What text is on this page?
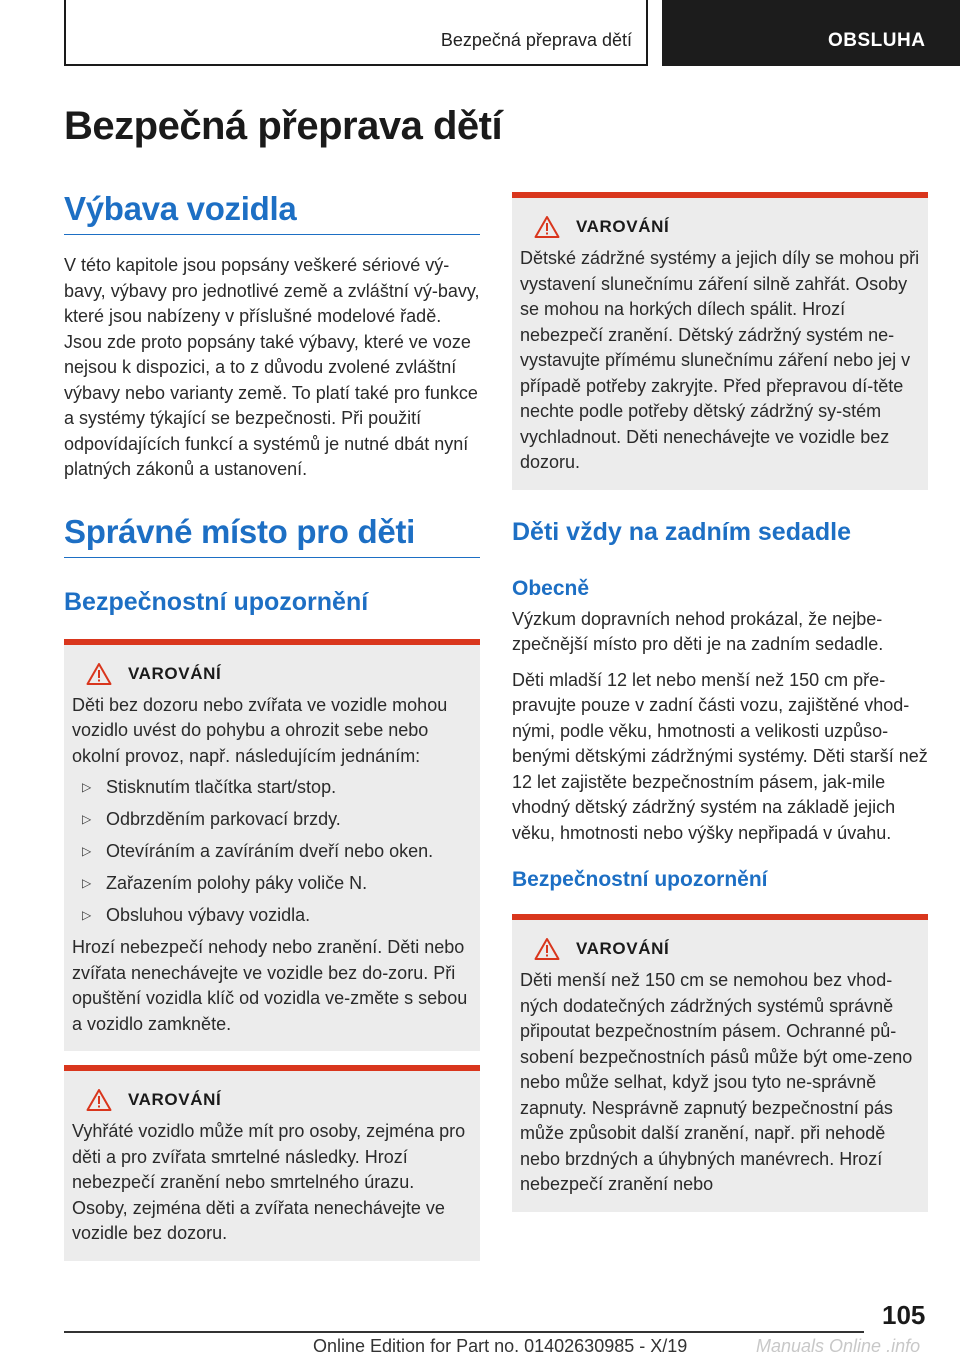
Bezpečná přeprava dětí	OBSLUHA
Bezpečná přeprava dětí
Výbava vozidla

V této kapitole jsou popsány veškeré sériové vý-bavy, výbavy pro jednotlivé země a zvláštní vý-bavy, které jsou nabízeny v příslušné modelové řadě. Jsou zde proto popsány také výbavy, které ve voze nejsou k dispozici, a to z důvodu zvolené zvláštní výbavy nebo varianty země. To platí také pro funkce a systémy týkající se bezpečnosti. Při použití odpovídajících funkcí a systémů je nutné dbát nyní platných zákonů a ustanovení.

Správné místo pro děti
Bezpečnostní upozornění
VAROVÁNÍ

Děti bez dozoru nebo zvířata ve vozidle mohou vozidlo uvést do pohybu a ohrozit sebe nebo okolní provoz, např. následujícím jednáním:

▷ Stisknutím tlačítka start/stop.
▷ Odbrzděním parkovací brzdy.
▷ Otevíráním a zavíráním dveří nebo oken.
▷ Zařazením polohy páky voliče N.
▷ Obsluhou výbavy vozidla.

Hrozí nebezpečí nehody nebo zranění. Děti nebo zvířata nenechávejte ve vozidle bez do-zoru. Při opuštění vozidla klíč od vozidla ve-změte s sebou a vozidlo zamkněte.

VAROVÁNÍ

Vyhřáté vozidlo může mít pro osoby, zejména pro děti a pro zvířata smrtelné následky. Hrozí nebezpečí zranění nebo smrtelného úrazu. Osoby, zejména děti a zvířata nenechávejte ve vozidle bez dozoru.

VAROVÁNÍ

Dětské zádržné systémy a jejich díly se mohou při vystavení slunečnímu záření silně zahřát. Osoby se mohou na horkých dílech spálit. Hrozí nebezpečí zranění. Dětský zádržný systém ne-vystavujte přímému slunečnímu záření nebo jej v případě potřeby zakryjte. Před přepravou dí-těte nechte podle potřeby dětský zádržný sy-stém vychladnout. Děti nenechávejte ve vozidle bez dozoru.

Děti vždy na zadním sedadle
Obecně

Výzkum dopravních nehod prokázal, že nejbe-zpečnější místo pro děti je na zadním sedadle.

Děti mladší 12 let nebo menší než 150 cm pře-pravujte pouze v zadní části vozu, zajištěné vhod-nými, podle věku, hmotnosti a velikosti uzpůso-benými dětskými zádržnými systémy. Děti starší než 12 let zajistěte bezpečnostním pásem, jak-mile vhodný dětský zádržný systém na základě jejich věku, hmotnosti nebo výšky nepřipadá v úvahu.

Bezpečnostní upozornění
VAROVÁNÍ

Děti menší než 150 cm se nemohou bez vhod-ných dodatečných zádržných systémů správně připoutat bezpečnostním pásem. Ochranné pů-sobení bezpečnostních pásů může být ome-zeno nebo může selhat, když jsou tyto ne-správně zapnuty. Nesprávně zapnutý bezpečnostní pás může způsobit další zranění, např. při nehodě nebo brzdných a úhybných manévrech. Hrozí nebezpečí zranění nebo

105
Online Edition for Part no. 01402630985 - X/19	Manuals Online .info
